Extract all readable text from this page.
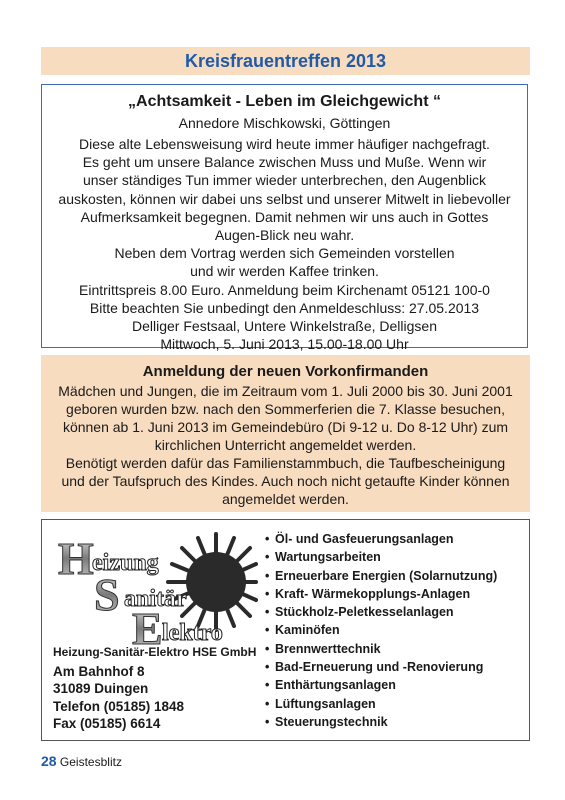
Kreisfrauentreffen 2013

„Achtsamkeit - Leben im Gleichgewicht “

Annedore Mischkowski, Göttingen

Diese alte Lebensweisung wird heute immer häufiger nachgefragt.
Es geht um unsere Balance zwischen Muss und Muße. Wenn wir
unser ständiges Tun immer wieder unterbrechen, den Augenblick
auskosten, können wir dabei uns selbst und unserer Mitwelt in liebevoller
Aufmerksamkeit begegnen. Damit nehmen wir uns auch in Gottes
Augen-Blick neu wahr.
Neben dem Vortrag werden sich Gemeinden vorstellen
und wir werden Kaffee trinken.
Eintrittspreis 8.00 Euro. Anmeldung beim Kirchenamt 05121 100-0
Bitte beachten Sie unbedingt den Anmeldeschluss: 27.05.2013
Delliger Festsaal, Untere Winkelstraße, Delligsen
Mittwoch, 5. Juni 2013, 15.00-18.00 Uhr
Anmeldung der neuen Vorkonfirmanden
Mädchen und Jungen, die im Zeitraum vom 1. Juli 2000 bis 30. Juni 2001
geboren wurden bzw. nach den Sommerferien die 7. Klasse besuchen,
können ab 1. Juni 2013 im Gemeindebüro (Di 9-12 u. Do 8-12 Uhr) zum
kirchlichen Unterricht angemeldet werden.
Benötigt werden dafür das Familienstammbuch, die Taufbescheinigung
und der Taufspruch des Kindes. Auch noch nicht getaufte Kinder können
angemeldet werden.
H
eizung
S anitär
E lektro
Heizung-Sanitär-Elektro HSE GmbH
Am Bahnhof 8
31089 Duingen
Telefon (05185) 1848
Fax (05185) 6614
• Öl- und Gasfeuerungsanlagen
• Wartungsarbeiten
• Erneuerbare Energien (Solarnutzung)
• Kraft- Wärmekopplungs-Anlagen
• Stückholz-Peletkesselanlagen
• Kaminöfen
• Brennwerttechnik
• Bad-Erneuerung und -Renovierung
• Enthärtungsanlagen
• Lüftungsanlagen
• Steuerungstechnik
28 Geistesblitz
